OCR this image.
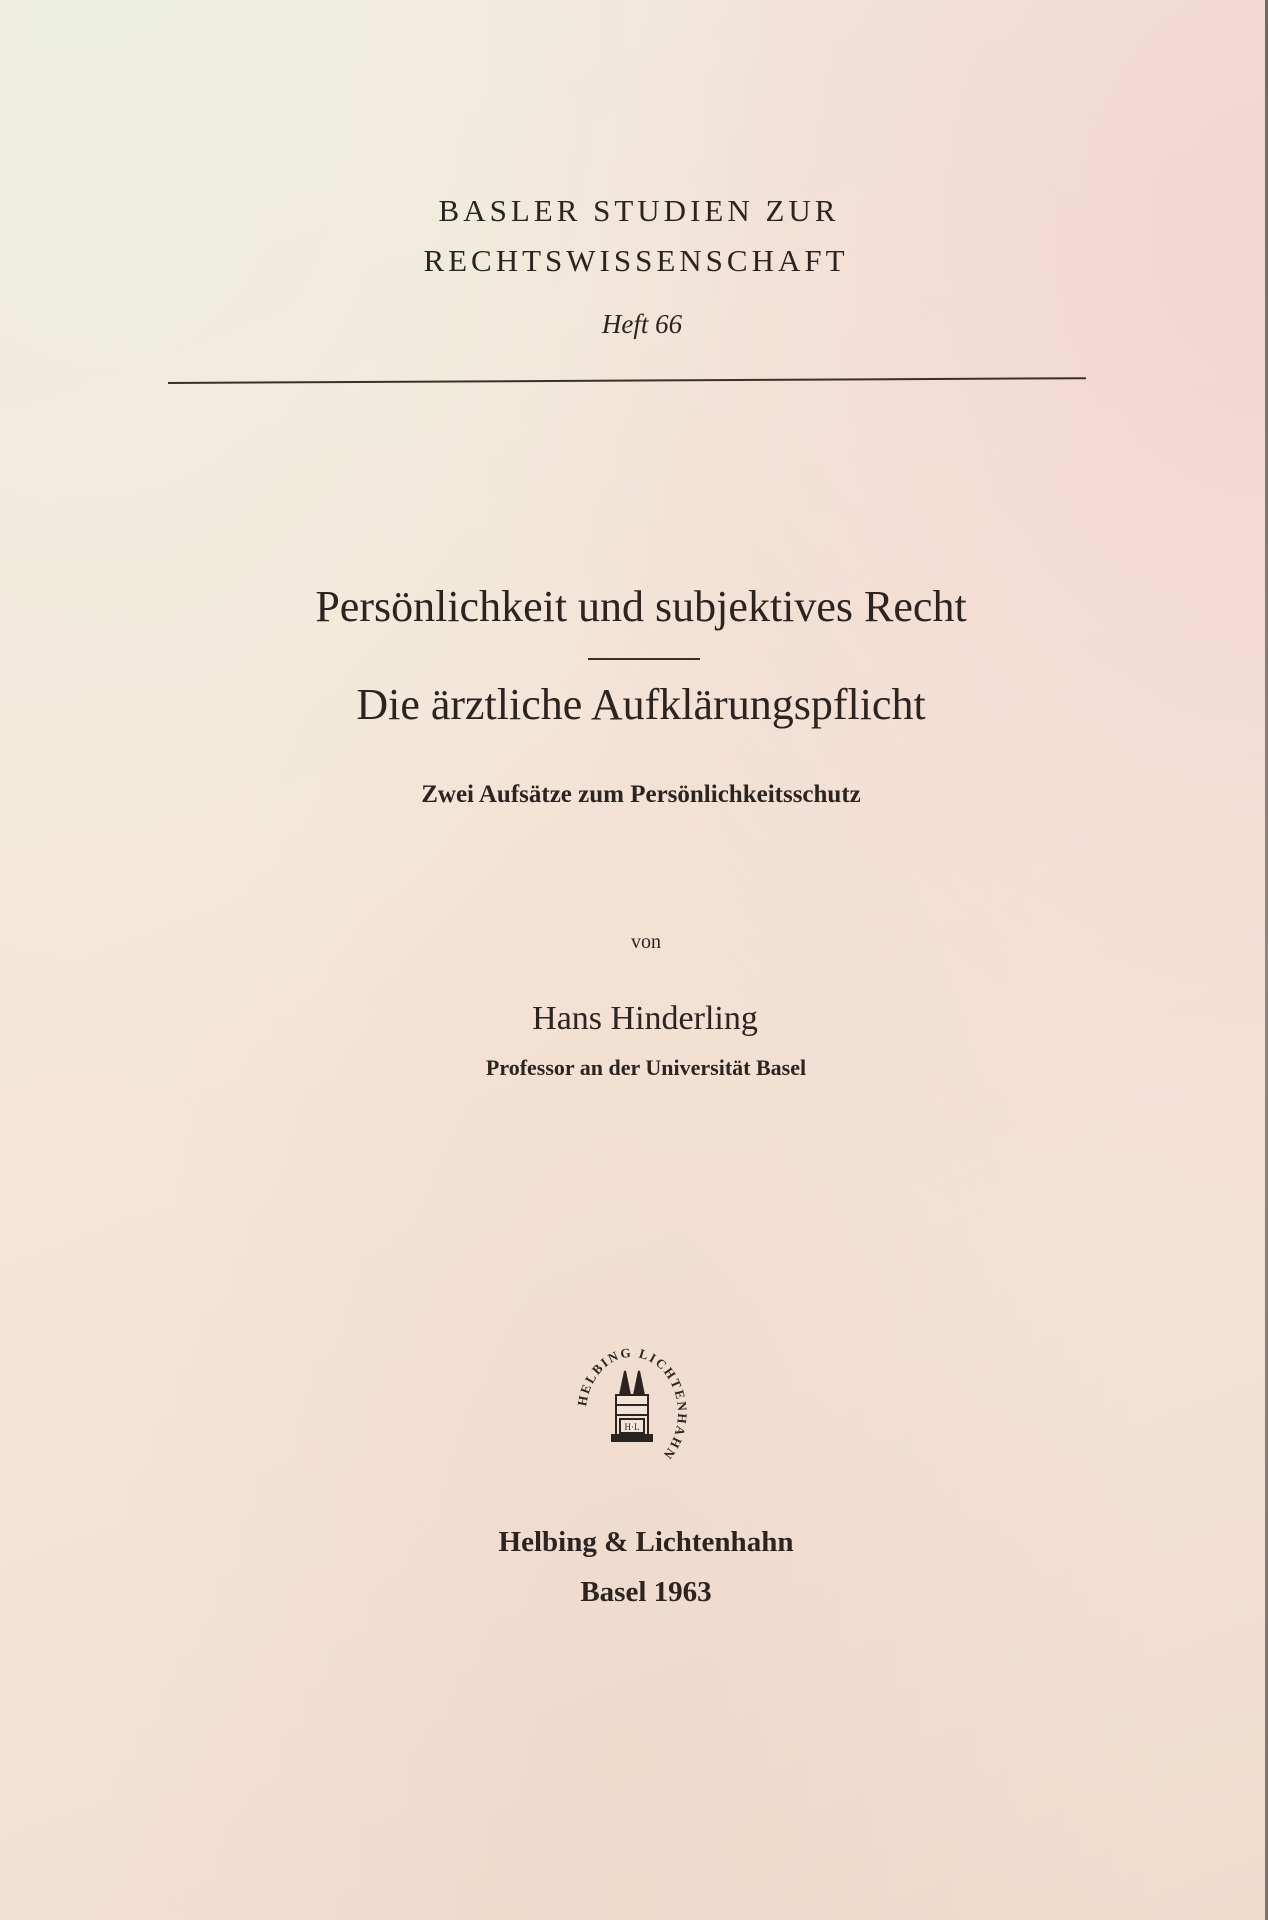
BASLER STUDIEN ZUR
RECHTSWISSENSCHAFT
Heft 66
Persönlichkeit und subjektives Recht
Die ärztliche Aufklärungspflicht
Zwei Aufsätze zum Persönlichkeitsschutz
von
Hans Hinderling
Professor an der Universität Basel
HELBING LICHTENHAHN
H·L
Helbing & Lichtenhahn
Basel 1963
